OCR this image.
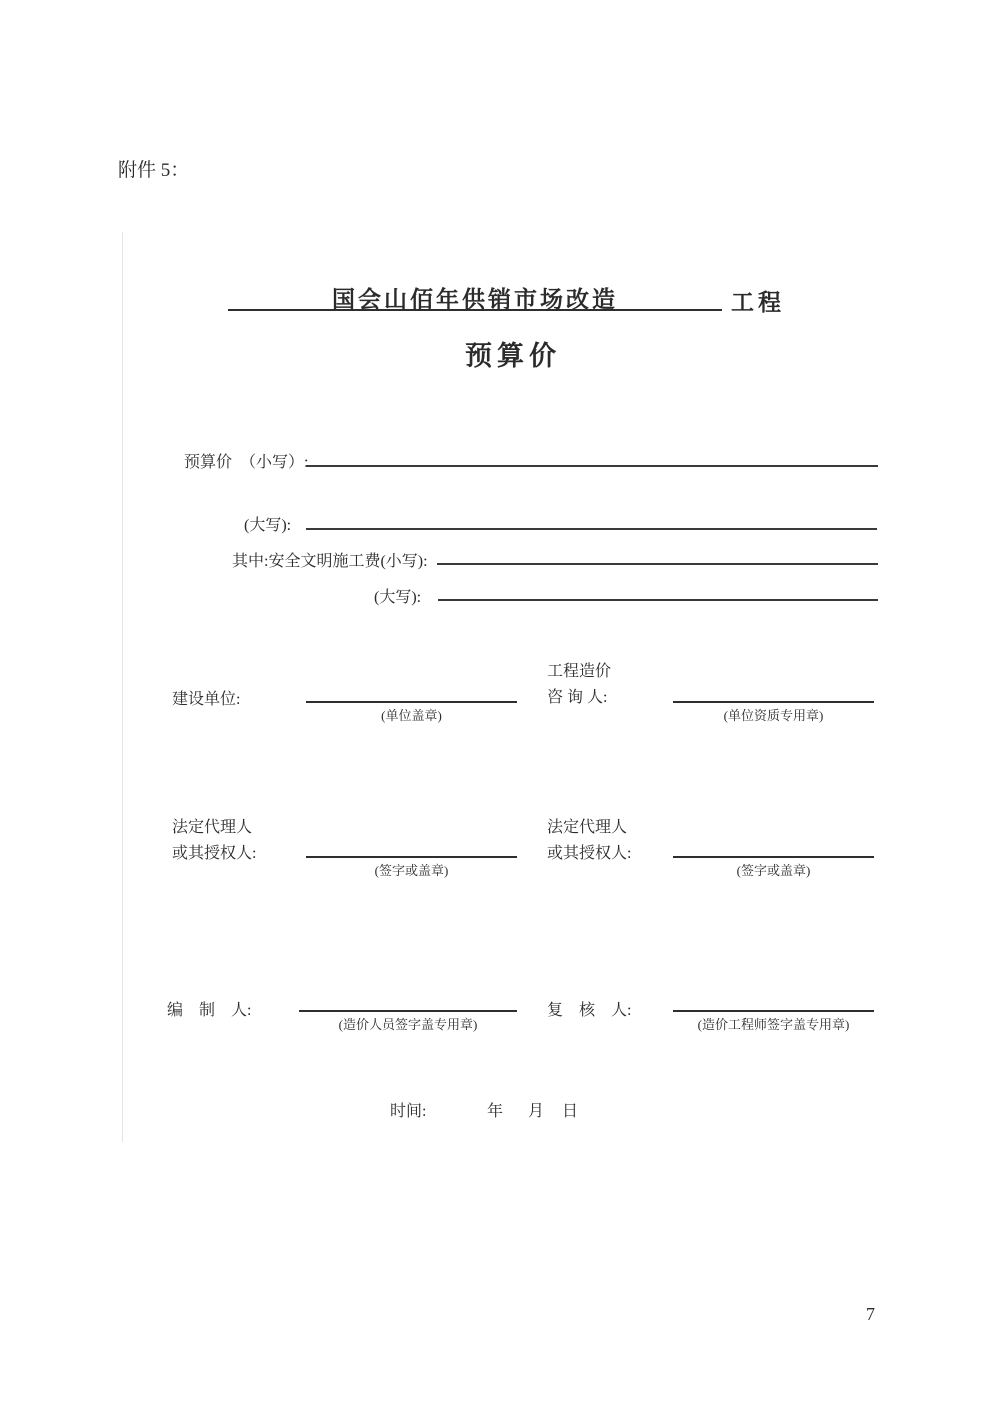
附件 5：
国会山佰年供销市场改造	工程
预算价
预算价　（小写）:
(大写):
其中:安全文明施工费(小写):
(大写):
建设单位:
(单位盖章)
工程造价
咨 询 人:
(单位资质专用章)
法定代理人
或其授权人:
(签字或盖章)
法定代理人
或其授权人:
(签字或盖章)
编　制　人:
(造价人员签字盖专用章)
复　核　人:
(造价工程师签字盖专用章)
时间:	年 月 日
7
